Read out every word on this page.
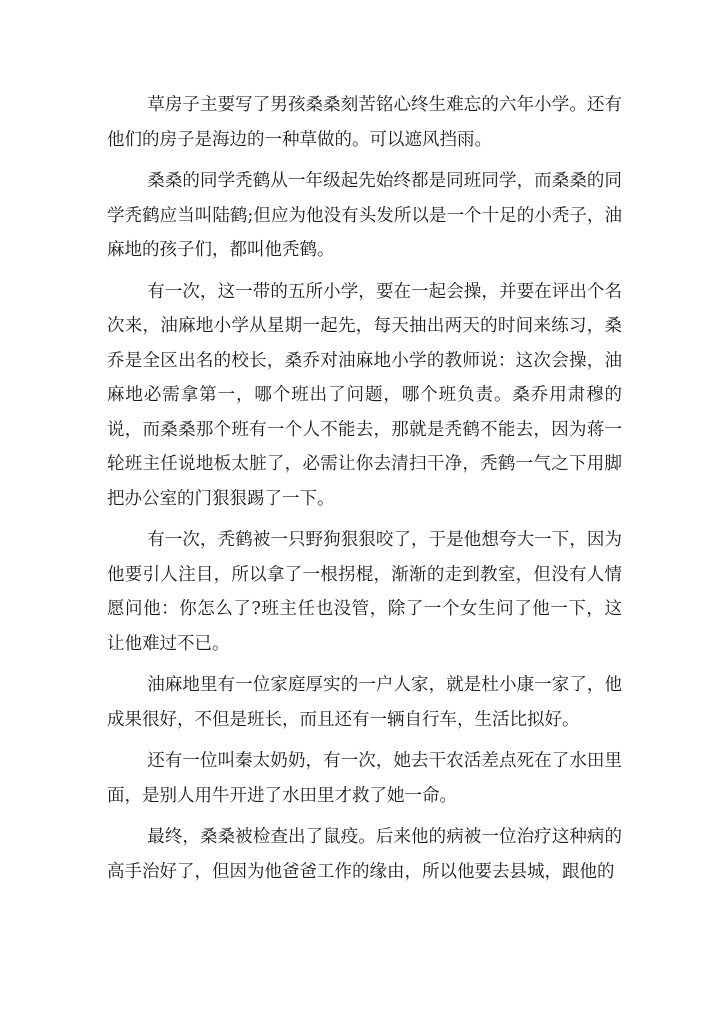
草房子主要写了男孩桑桑刻苦铭心终生难忘的六年小学。还有他们的房子是海边的一种草做的。可以遮风挡雨。

桑桑的同学秃鹤从一年级起先始终都是同班同学，而桑桑的同学秃鹤应当叫陆鹤;但应为他没有头发所以是一个十足的小秃子，油麻地的孩子们，都叫他秃鹤。

有一次，这一带的五所小学，要在一起会操，并要在评出个名次来，油麻地小学从星期一起先，每天抽出两天的时间来练习，桑乔是全区出名的校长，桑乔对油麻地小学的教师说：这次会操，油麻地必需拿第一，哪个班出了问题，哪个班负责。桑乔用肃穆的说，而桑桑那个班有一个人不能去，那就是秃鹤不能去，因为蒋一轮班主任说地板太脏了，必需让你去清扫干净，秃鹤一气之下用脚把办公室的门狠狠踢了一下。

有一次，秃鹤被一只野狗狠狠咬了，于是他想夸大一下，因为他要引人注目，所以拿了一根拐棍，渐渐的走到教室，但没有人情愿问他：你怎么了?班主任也没管，除了一个女生问了他一下，这让他难过不已。

油麻地里有一位家庭厚实的一户人家，就是杜小康一家了，他成果很好，不但是班长，而且还有一辆自行车，生活比拟好。

还有一位叫秦太奶奶，有一次，她去干农活差点死在了水田里面，是别人用牛开进了水田里才救了她一命。

最终，桑桑被检查出了鼠疫。后来他的病被一位治疗这种病的高手治好了，但因为他爸爸工作的缘由，所以他要去县城，跟他的
